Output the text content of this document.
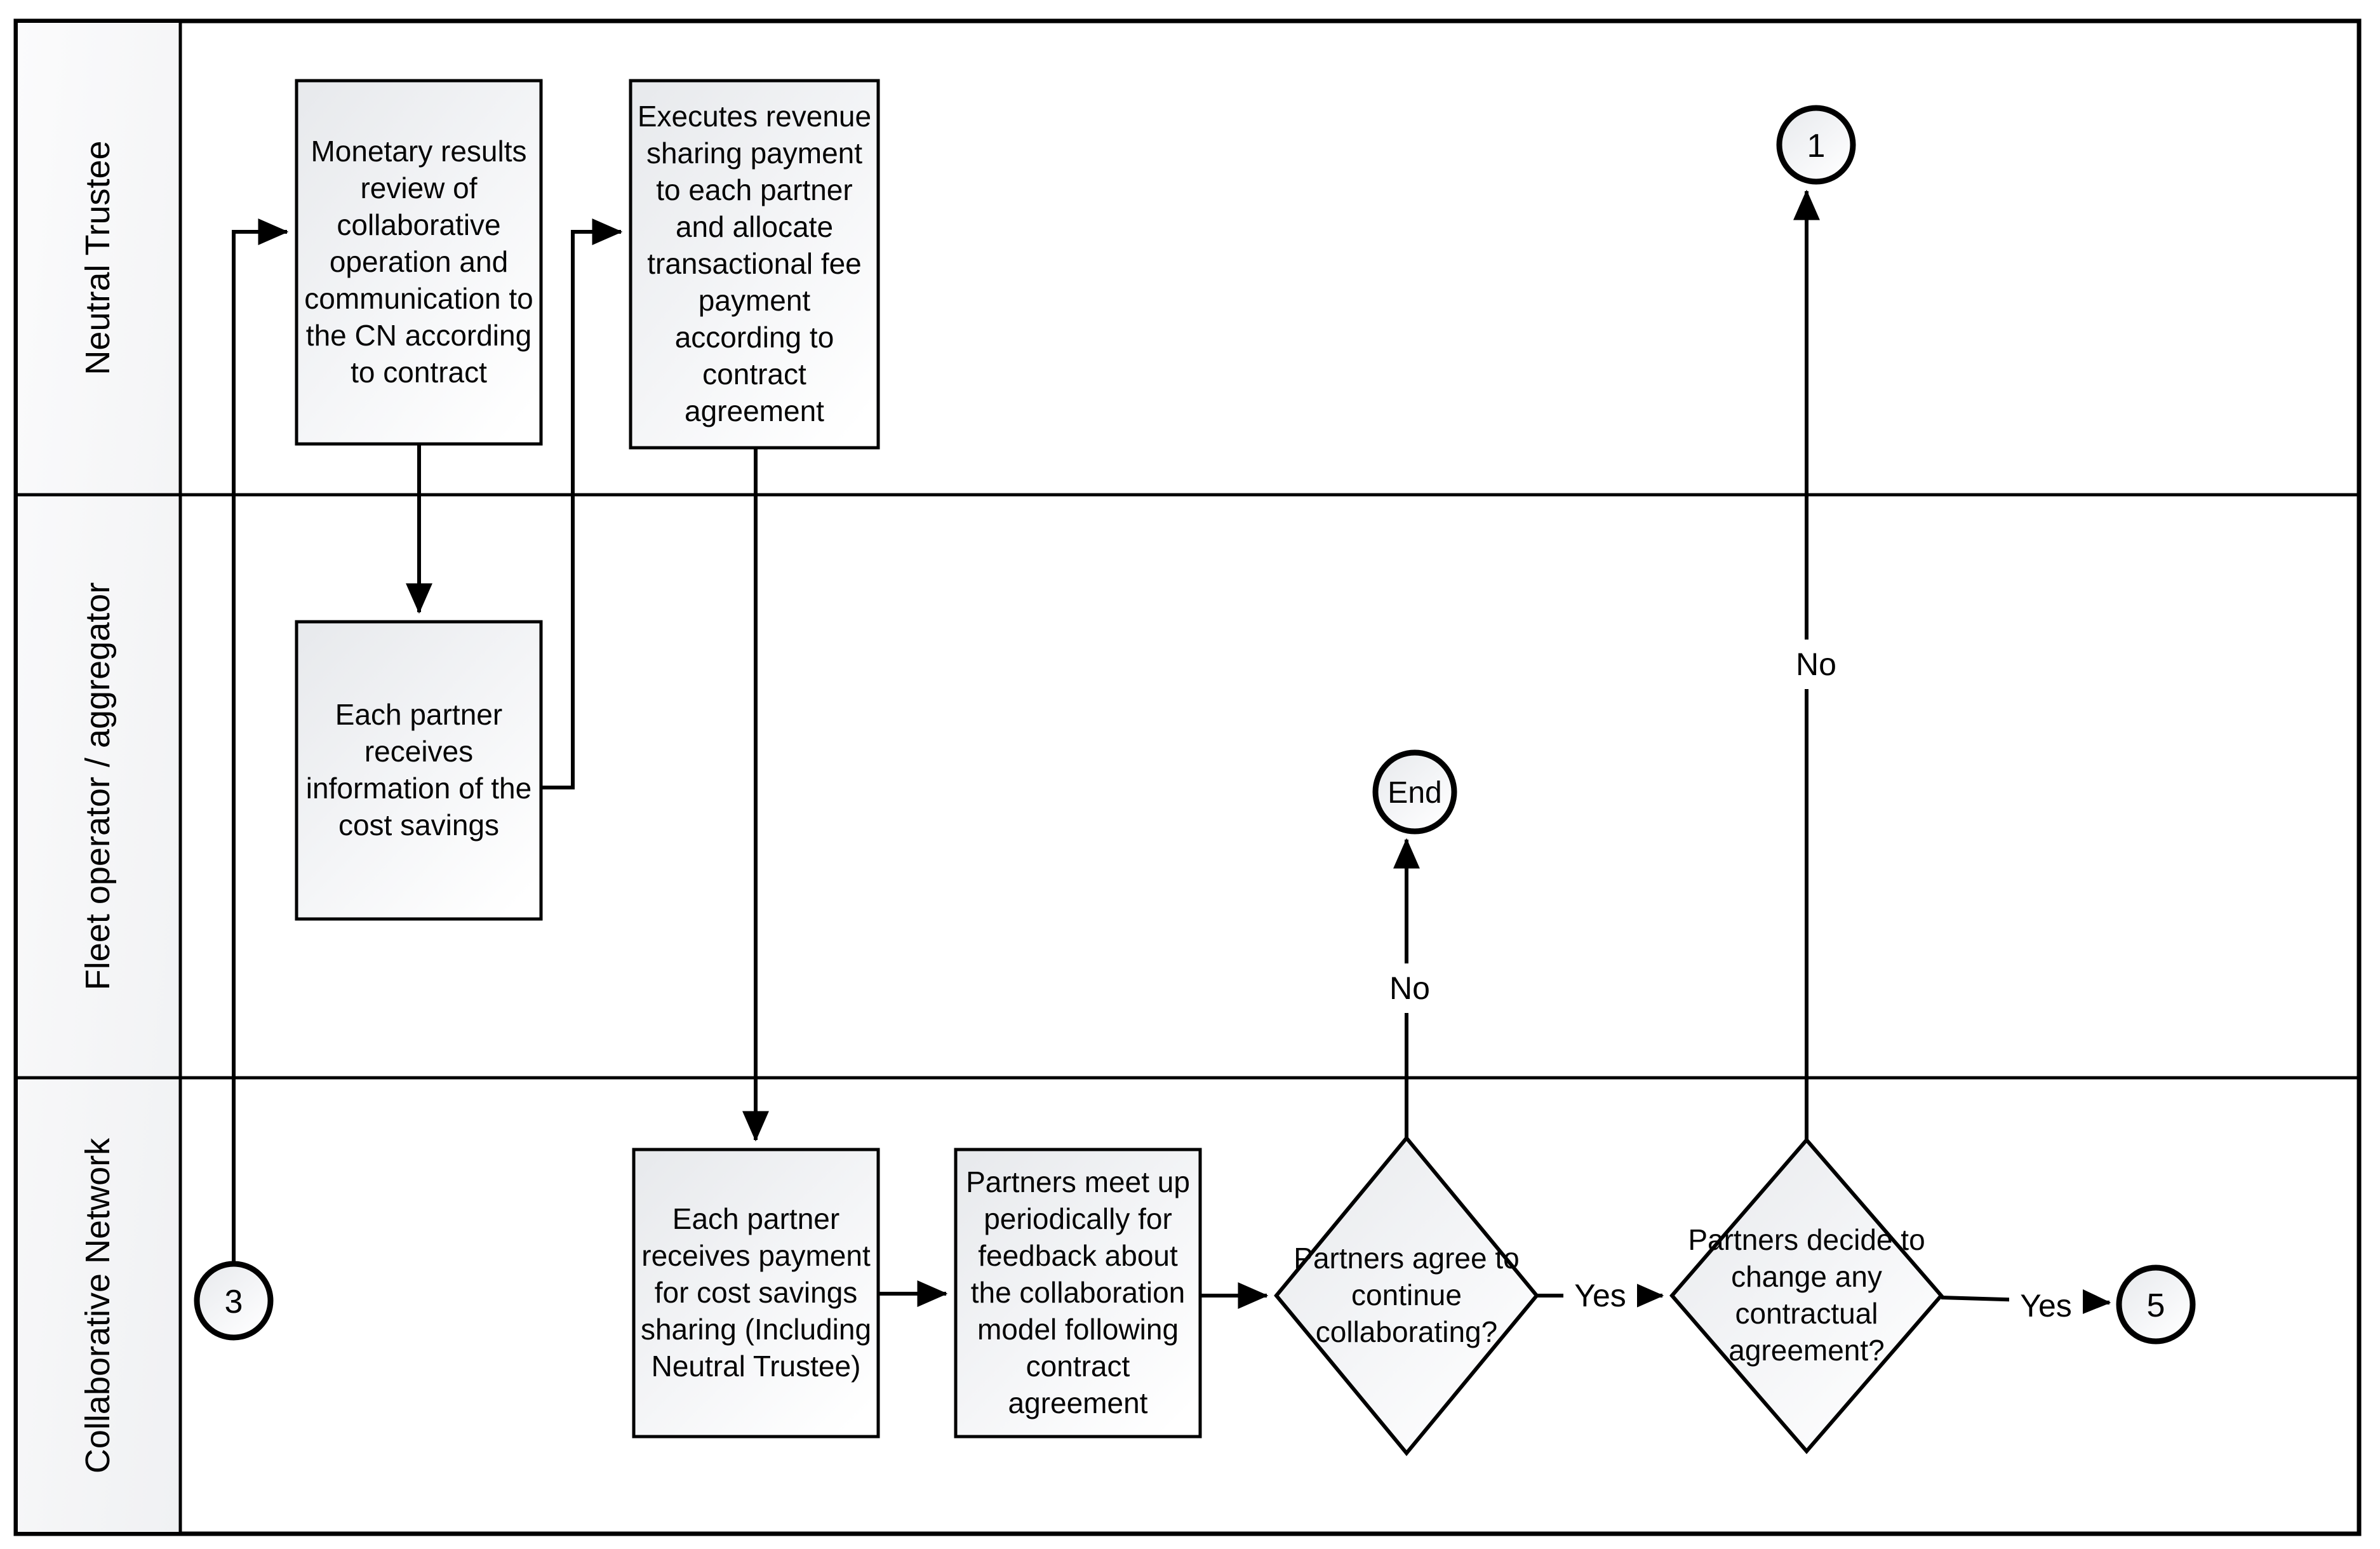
Neutral Trustee
Fleet operator / aggregator
Collaborative Network	Yes
No
No
Yes
Monetary results review of collaborative operation and communication to the CN according to contract
Executes revenue sharing payment to each partner and allocate transactional fee payment according to contract agreement
1
Each partner receives information of the cost savings
End
3
Each partner receives payment for cost savings sharing (Including Neutral Trustee)
Partners meet up periodically for feedback about the collaboration model following contract agreement
Partners agree to continue collaborating?
Partners decide to change any contractual agreement?
5
